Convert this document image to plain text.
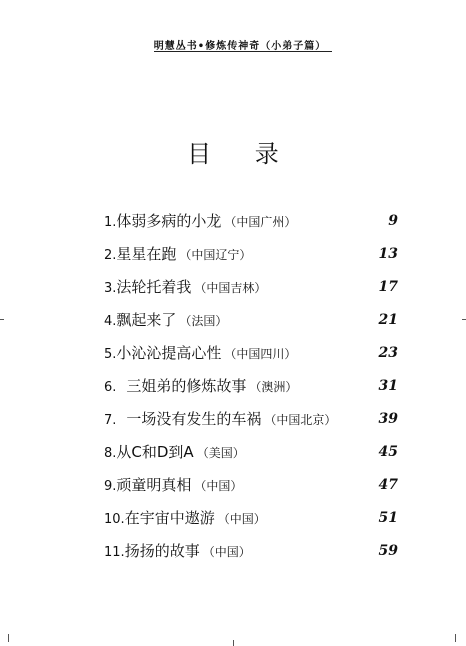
明慧丛书•修炼传神奇（小弟子篇）
目 录
1.体弱多病的小龙 （中国广州）	9
2.星星在跑 （中国辽宁）	13
3.法轮托着我 （中国吉林）	17
4.飘起来了 （法国）	21
5.小沁沁提高心性 （中国四川）	23
6. 三姐弟的修炼故事 （澳洲）	31
7. 一场没有发生的车祸 （中国北京）	39
8.从C和D到A （美国）	45
9.顽童明真相 （中国）	47
10.在宇宙中遨游 （中国）	51
11.扬扬的故事 （中国）	59
